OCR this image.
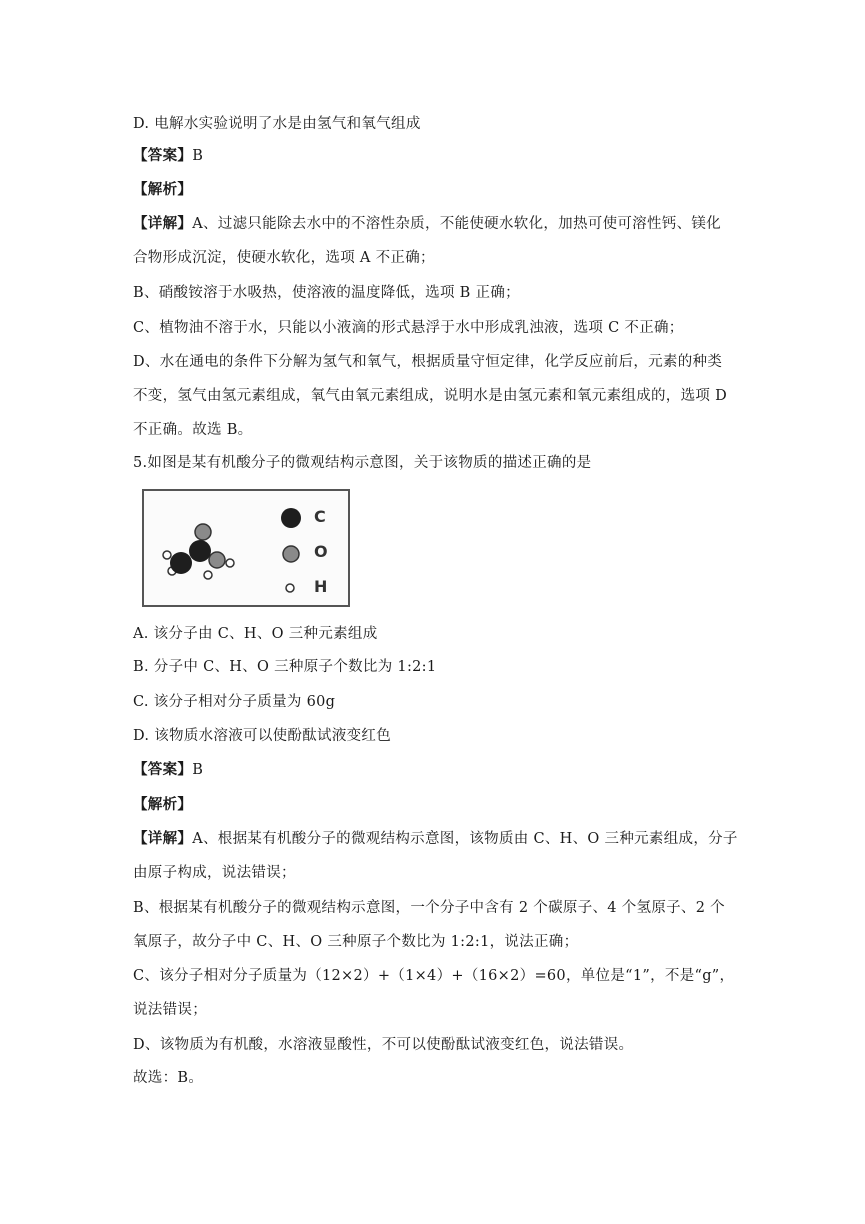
D. 电解水实验说明了水是由氢气和氧气组成
【答案】B
【解析】
【详解】A、过滤只能除去水中的不溶性杂质，不能使硬水软化，加热可使可溶性钙、镁化
合物形成沉淀，使硬水软化，选项 A 不正确；
B、硝酸铵溶于水吸热，使溶液的温度降低，选项 B 正确；
C、植物油不溶于水，只能以小液滴的形式悬浮于水中形成乳浊液，选项 C 不正确；
D、水在通电的条件下分解为氢气和氧气，根据质量守恒定律，化学反应前后，元素的种类
不变，氢气由氢元素组成，氧气由氧元素组成，说明水是由氢元素和氧元素组成的，选项 D
不正确。故选 B。
5.如图是某有机酸分子的微观结构示意图，关于该物质的描述正确的是
C
O
H
A. 该分子由 C、H、O 三种元素组成
B. 分子中 C、H、O 三种原子个数比为 1:2:1
C. 该分子相对分子质量为 60g
D. 该物质水溶液可以使酚酞试液变红色
【答案】B
【解析】
【详解】A、根据某有机酸分子的微观结构示意图，该物质由 C、H、O 三种元素组成，分子
由原子构成，说法错误；
B、根据某有机酸分子的微观结构示意图，一个分子中含有 2 个碳原子、4 个氢原子、2 个
氧原子，故分子中 C、H、O 三种原子个数比为 1:2:1，说法正确；
C、该分子相对分子质量为（12×2）+（1×4）+（16×2）=60，单位是“1”，不是“g”，
说法错误；
D、该物质为有机酸，水溶液显酸性，不可以使酚酞试液变红色，说法错误。
故选：B。
